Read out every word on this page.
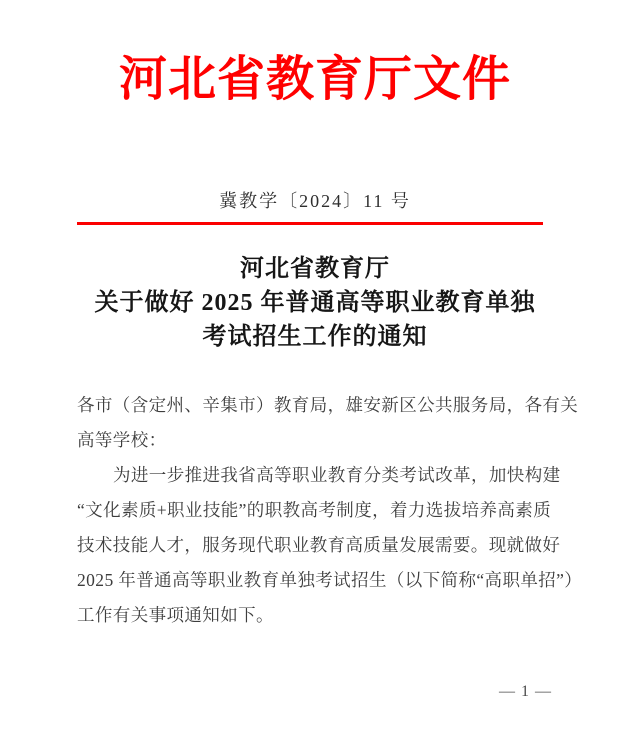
河北省教育厅文件
冀教学〔2024〕11 号
河北省教育厅
关于做好 2025 年普通高等职业教育单独
考试招生工作的通知
各市（含定州、辛集市）教育局，雄安新区公共服务局，各有关
高等学校：
为进一步推进我省高等职业教育分类考试改革，加快构建
“文化素质+职业技能”的职教高考制度，着力选拔培养高素质
技术技能人才，服务现代职业教育高质量发展需要。现就做好
2025 年普通高等职业教育单独考试招生（以下简称“高职单招”）
工作有关事项通知如下。
— 1 —
